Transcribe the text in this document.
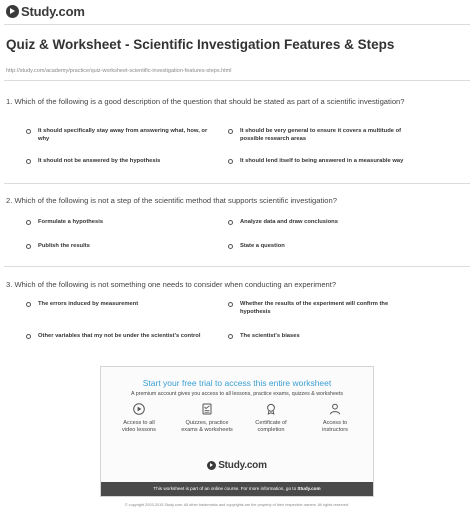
Study.com
Quiz & Worksheet - Scientific Investigation Features & Steps
http://study.com/academy/practice/quiz-worksheet-scientific-investigation-features-steps.html
1. Which of the following is a good description of the question that should be stated as part of a scientific investigation?
It should specifically stay away from answering what, how, or why
It should be very general to ensure it covers a multitude of possible research areas
It should not be answered by the hypothesis	It should lend itself to being answered in a measurable way
2. Which of the following is not a step of the scientific method that supports scientific investigation?
Formulate a hypothesis	Analyze data and draw conclusions
Publish the results	State a question
3. Which of the following is not something one needs to consider when conducting an experiment?
The errors induced by measurement	Whether the results of the experiment will confirm the hypothesis
Other variables that my not be under the scientist's control	The scientist's biases
Start your free trial to access this entire worksheet
A premium account gives you access to all lessons, practice exams, quizzes & worksheets
Access to all
video lessons
Quizzes, practice
exams & worksheets
Certificate of
completion
Access to
instructors
Study.com
This worksheet is part of an online course. For more information, go to Study.com
© copyright 2003-2015 Study.com. All other trademarks and copyrights are the property of their respective owners. All rights reserved.
